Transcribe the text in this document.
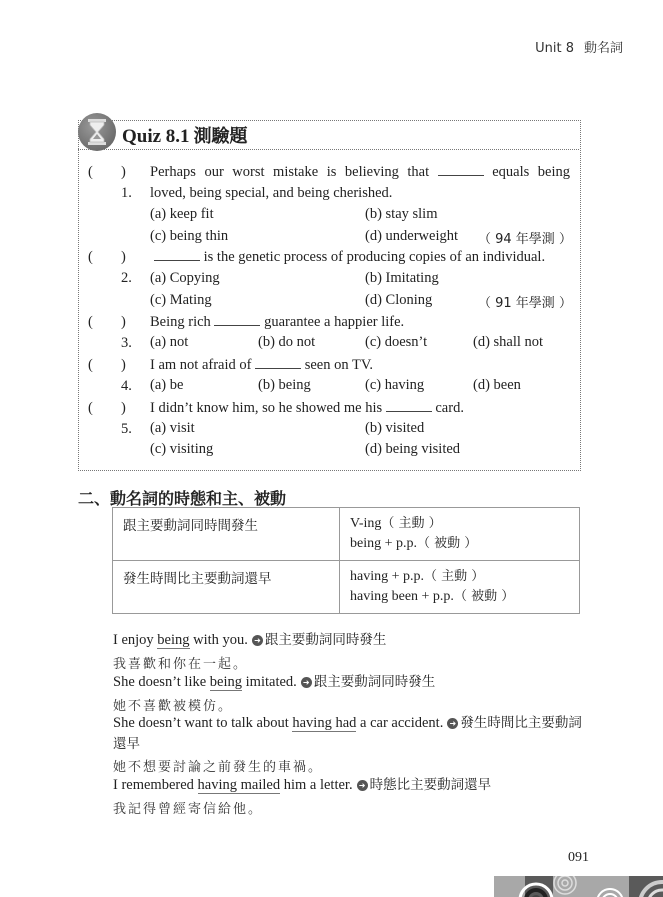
Unit 8 動名詞
Quiz 8.1 測驗題
( ) 1.
Perhaps our worst mistake is believing that	equals being
loved, being special, and being cherished.
(a) keep fit	(b) stay slim
(c) being thin	(d) underweight （ 94 年學測 ）
( ) 2.
is the genetic process of producing copies of an individual.
(a) Copying	(b) Imitating
(c) Mating	(d) Cloning	（ 91 年學測 ）
( ) 3.
Being rich	guarantee a happier life.
(a) not	(b) do not	(c) doesn’t	(d) shall not
( ) 4.
I am not afraid of	seen on TV.
(a) be	(b) being	(c) having	(d) been
( ) 5.
I didn’t know him, so he showed me his	card.
(a) visit	(b) visited
(c) visiting	(d) being visited
二、動名詞的時態和主、被動
跟主要動詞同時間發生	V-ing（ 主動 ）
being + p.p.（ 被動 ）

發生時間比主要動詞還早	having + p.p.（ 主動 ）
having been + p.p.（ 被動 ）
I enjoy being with you. ➜ 跟主要動詞同時發生
我喜歡和你在一起。
She doesn’t like being imitated. ➜ 跟主要動詞同時發生
她不喜歡被模仿。
She doesn’t want to talk about having had a car accident. ➜ 發生時間比主要動詞還早
她不想要討論之前發生的車禍。
I remembered having mailed him a letter. ➜ 時態比主要動詞還早
我記得曾經寄信給他。
091
